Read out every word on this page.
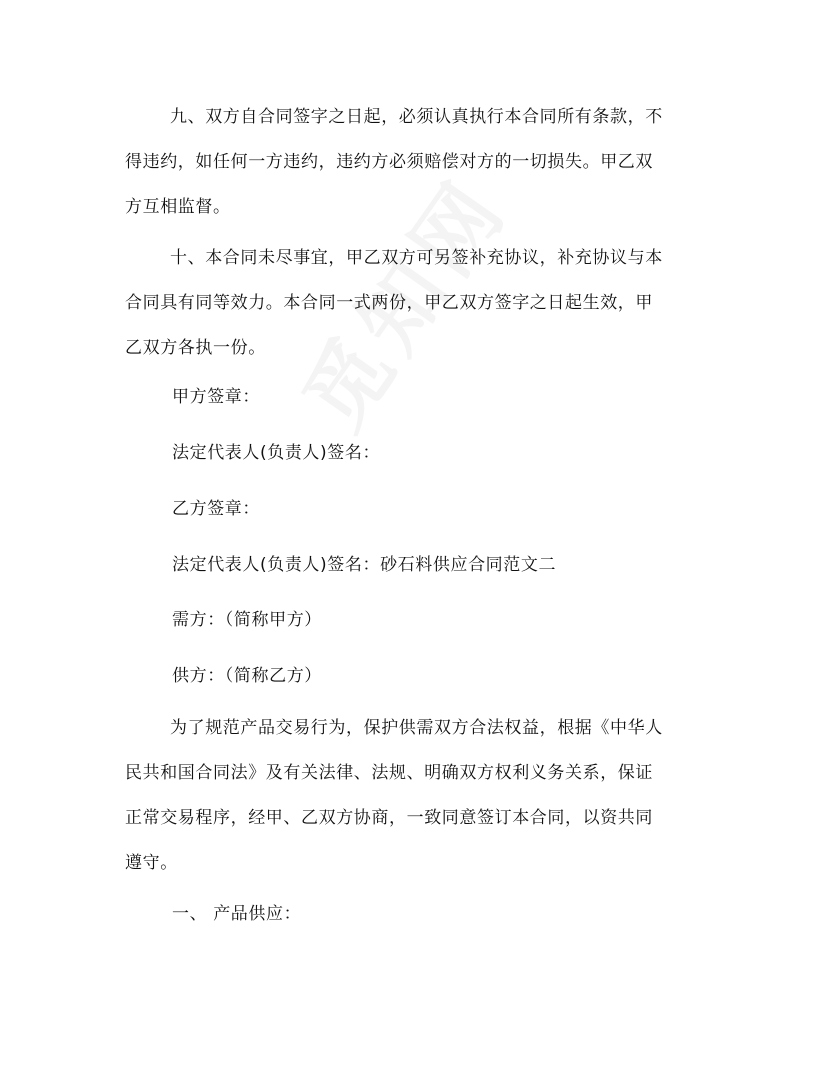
九、双方自合同签字之日起，必须认真执行本合同所有条款，不
得违约，如任何一方违约，违约方必须赔偿对方的一切损失。甲乙双
方互相监督。
十、本合同未尽事宜，甲乙双方可另签补充协议，补充协议与本
合同具有同等效力。本合同一式两份，甲乙双方签字之日起生效，甲
乙双方各执一份。

甲方签章：

法定代表人(负责人)签名：

乙方签章：

法定代表人(负责人)签名：砂石料供应合同范文二

需方：（简称甲方）

供方：（简称乙方）

为了规范产品交易行为，保护供需双方合法权益，根据《中华人
民共和国合同法》及有关法律、法规、明确双方权利义务关系，保证
正常交易程序，经甲、乙双方协商，一致同意签订本合同，以资共同
遵守。

一、 产品供应：
